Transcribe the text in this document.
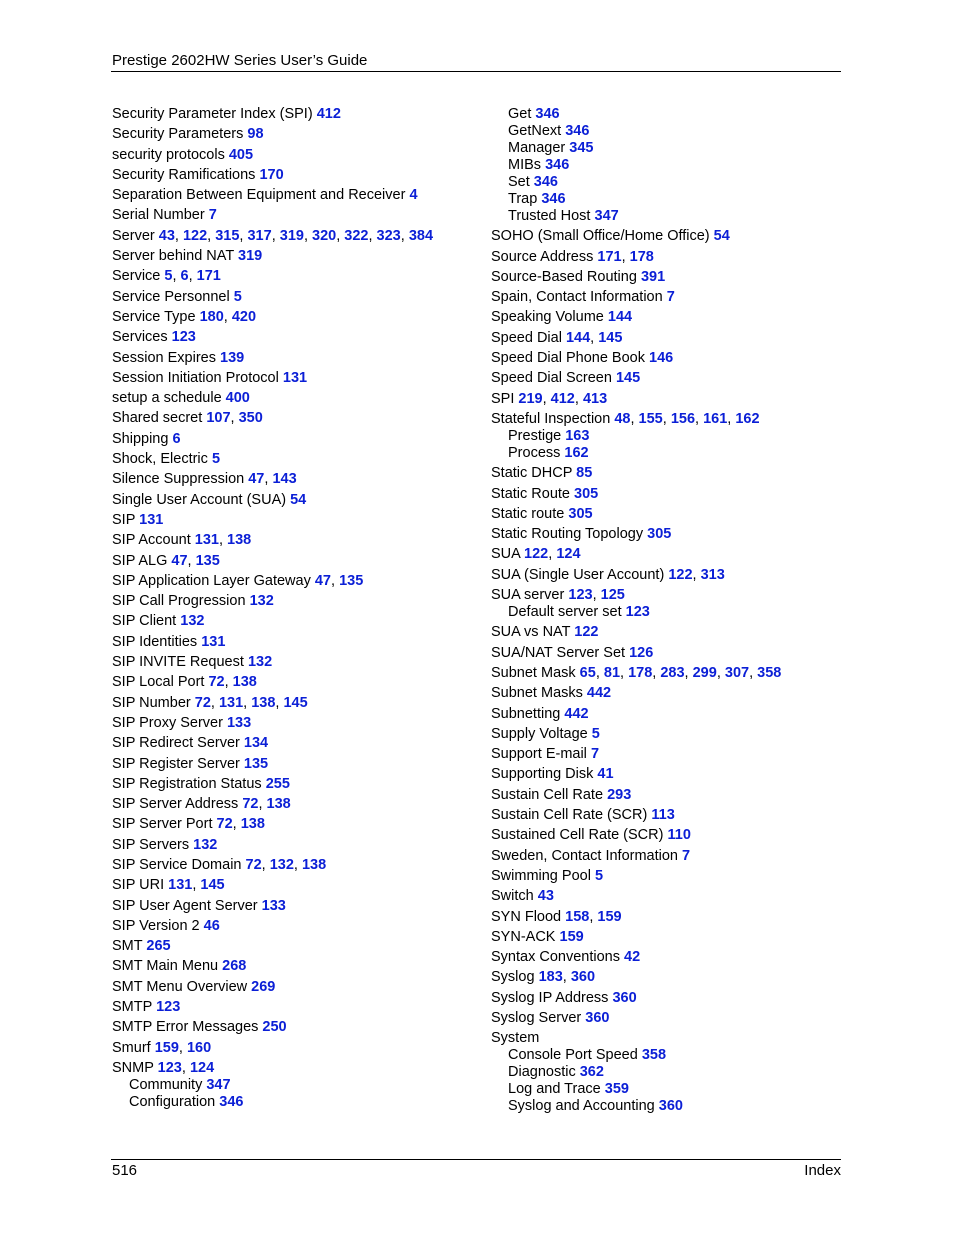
Prestige 2602HW Series User’s Guide
Security Parameter Index (SPI) 412
Security Parameters 98
security protocols 405
Security Ramifications 170
Separation Between Equipment and Receiver 4
Serial Number 7
Server 43, 122, 315, 317, 319, 320, 322, 323, 384
Server behind NAT 319
Service 5, 6, 171
Service Personnel 5
Service Type 180, 420
Services 123
Session Expires 139
Session Initiation Protocol 131
setup a schedule 400
Shared secret 107, 350
Shipping 6
Shock, Electric 5
Silence Suppression 47, 143
Single User Account (SUA) 54
SIP 131
SIP Account 131, 138
SIP ALG 47, 135
SIP Application Layer Gateway 47, 135
SIP Call Progression 132
SIP Client 132
SIP Identities 131
SIP INVITE Request 132
SIP Local Port 72, 138
SIP Number 72, 131, 138, 145
SIP Proxy Server 133
SIP Redirect Server 134
SIP Register Server 135
SIP Registration Status 255
SIP Server Address 72, 138
SIP Server Port 72, 138
SIP Servers 132
SIP Service Domain 72, 132, 138
SIP URI 131, 145
SIP User Agent Server 133
SIP Version 2 46
SMT 265
SMT Main Menu 268
SMT Menu Overview 269
SMTP 123
SMTP Error Messages 250
Smurf 159, 160
SNMP 123, 124
Community 347
Configuration 346
Get 346
GetNext 346
Manager 345
MIBs 346
Set 346
Trap 346
Trusted Host 347
SOHO (Small Office/Home Office) 54
Source Address 171, 178
Source-Based Routing 391
Spain, Contact Information 7
Speaking Volume 144
Speed Dial 144, 145
Speed Dial Phone Book 146
Speed Dial Screen 145
SPI 219, 412, 413
Stateful Inspection 48, 155, 156, 161, 162
Prestige 163
Process 162
Static DHCP 85
Static Route 305
Static route 305
Static Routing Topology 305
SUA 122, 124
SUA (Single User Account) 122, 313
SUA server 123, 125
Default server set 123
SUA vs NAT 122
SUA/NAT Server Set 126
Subnet Mask 65, 81, 178, 283, 299, 307, 358
Subnet Masks 442
Subnetting 442
Supply Voltage 5
Support E-mail 7
Supporting Disk 41
Sustain Cell Rate 293
Sustain Cell Rate (SCR) 113
Sustained Cell Rate (SCR) 110
Sweden, Contact Information 7
Swimming Pool 5
Switch 43
SYN Flood 158, 159
SYN-ACK 159
Syntax Conventions 42
Syslog 183, 360
Syslog IP Address 360
Syslog Server 360
System
Console Port Speed 358
Diagnostic 362
Log and Trace 359
Syslog and Accounting 360
516	Index
